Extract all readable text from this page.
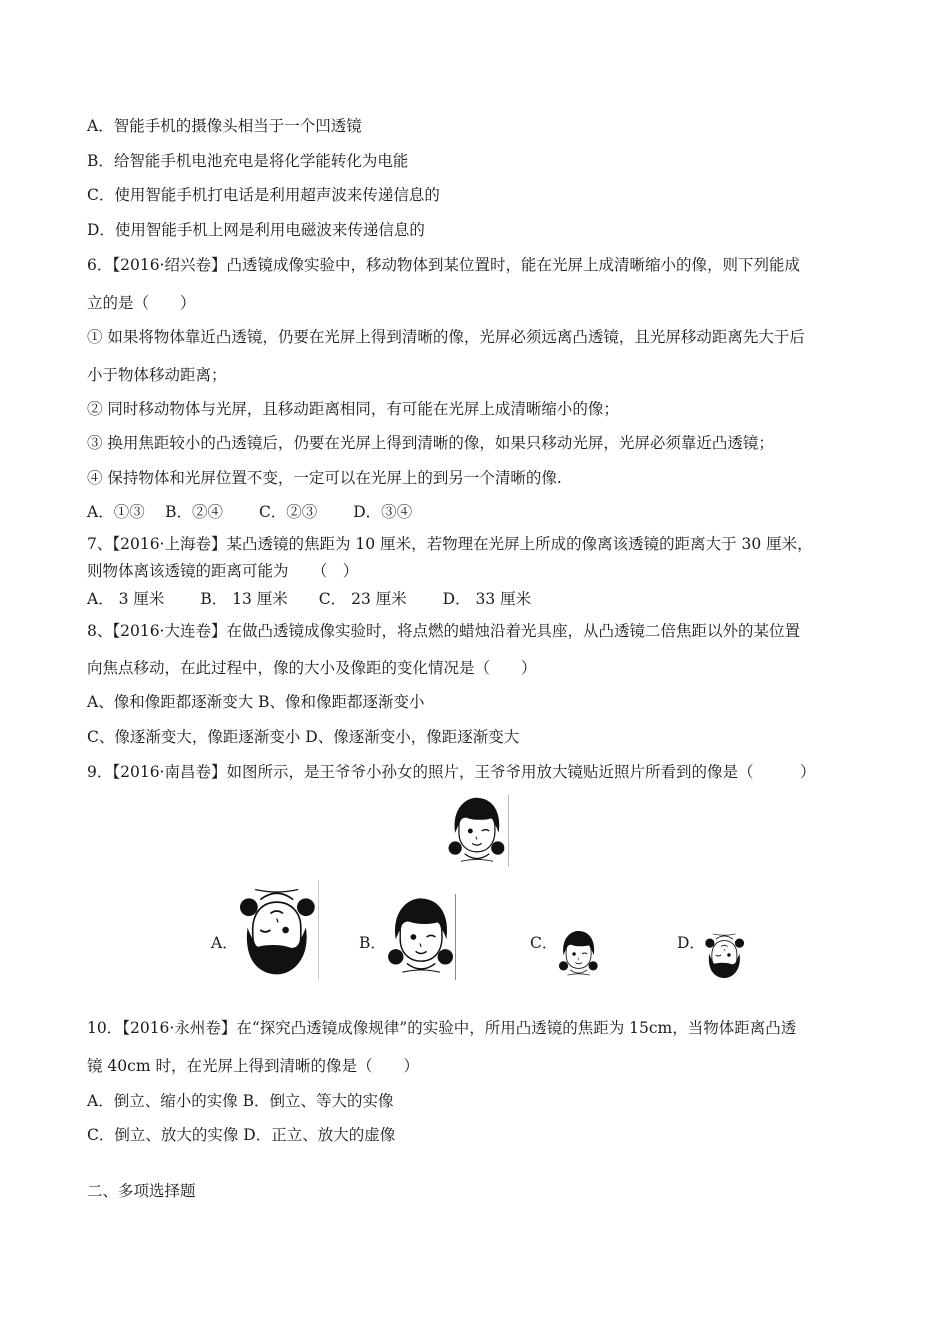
A．智能手机的摄像头相当于一个凹透镜
B．给智能手机电池充电是将化学能转化为电能
C．使用智能手机打电话是利用超声波来传递信息的
D．使用智能手机上网是利用电磁波来传递信息的
6．【2016·绍兴卷】凸透镜成像实验中，移动物体到某位置时，能在光屏上成清晰缩小的像，则下列能成
立的是（　　）
① 如果将物体靠近凸透镜，仍要在光屏上得到清晰的像，光屏必须远离凸透镜，且光屏移动距离先大于后
小于物体移动距离；
② 同时移动物体与光屏，且移动距离相同，有可能在光屏上成清晰缩小的像；
③ 换用焦距较小的凸透镜后，仍要在光屏上得到清晰的像，如果只移动光屏，光屏必须靠近凸透镜；
④ 保持物体和光屏位置不变，一定可以在光屏上的到另一个清晰的像.
A．①③　 B．②④　　 C．②③　　 D．③④
7、【2016·上海卷】某凸透镜的焦距为 10 厘米，若物理在光屏上所成的像离该透镜的距离大于 30 厘米，
则物体离该透镜的距离可能为　　（　）
A． 3 厘米　　 B． 13 厘米　　C． 23 厘米　　 D． 33 厘米
8、【2016·大连卷】在做凸透镜成像实验时，将点燃的蜡烛沿着光具座，从凸透镜二倍焦距以外的某位置
向焦点移动，在此过程中，像的大小及像距的变化情况是（　　）
A、像和像距都逐渐变大 B、像和像距都逐渐变小
C、像逐渐变大，像距逐渐变小 D、像逐渐变小，像距逐渐变大
9．【2016·南昌卷】如图所示，是王爷爷小孙女的照片，王爷爷用放大镜贴近照片所看到的像是（　　　）
A．	B．	C．	D．
10．【2016·永州卷】在“探究凸透镜成像规律”的实验中，所用凸透镜的焦距为 15cm，当物体距离凸透
镜 40cm 时，在光屏上得到清晰的像是（　　）
A．倒立、缩小的实像 B．倒立、等大的实像
C．倒立、放大的实像 D．正立、放大的虚像
二、多项选择题
